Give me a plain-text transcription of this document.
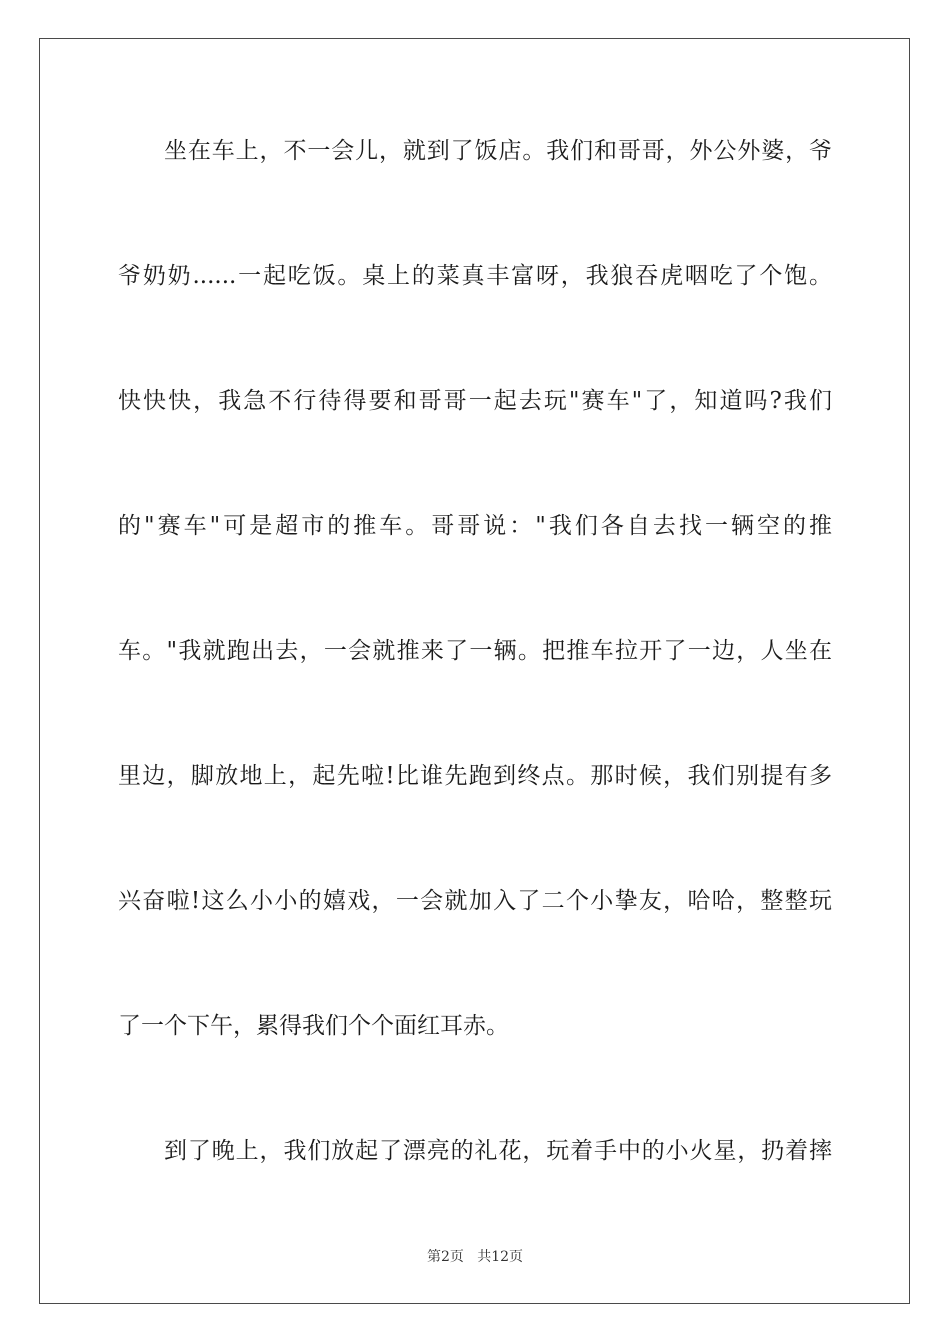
坐在车上，不一会儿，就到了饭店。我们和哥哥，外公外婆，爷
爷奶奶......一起吃饭。桌上的菜真丰富呀，我狼吞虎咽吃了个饱。
快快快，我急不行待得要和哥哥一起去玩"赛车"了，知道吗?我们
的"赛车"可是超市的推车。哥哥说："我们各自去找一辆空的推
车。"我就跑出去，一会就推来了一辆。把推车拉开了一边，人坐在
里边，脚放地上，起先啦!比谁先跑到终点。那时候，我们别提有多
兴奋啦!这么小小的嬉戏，一会就加入了二个小挚友，哈哈，整整玩
了一个下午，累得我们个个面红耳赤。
到了晚上，我们放起了漂亮的礼花，玩着手中的小火星，扔着摔
第2页   共12页
